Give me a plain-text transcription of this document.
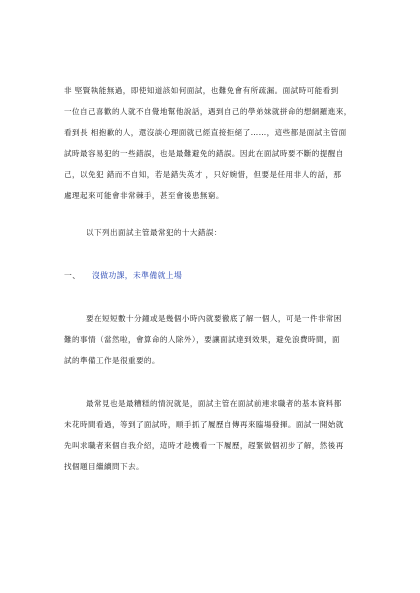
非 堅賢執能無過，即使知道該如何面試，也難免會有所疏漏。面試時可能看到
一位自己喜歡的人就不自覺地幫他說話，遇到自己的學弟妹就拼命的想網羅進來，
看到長 相抱歉的人，還沒談心理面就已經直接拒絕了……，這些都是面試主管面
試時最容易犯的一些錯誤，也是最難避免的錯誤。因此在面試時要不斷的提醒自
己，以免犯 錯而不自知，若是錯失英才 ，只好婉惜，但要是任用非人的話，那
處理起來可能會非常棘手，甚至會後患無窮。

以下列出面試主管最常犯的十大錯誤：

一、 沒做功課，未準備就上場

要在短短數十分鐘或是幾個小時內就要徹底了解一個人，可是一件非常困
難的事情（當然啦，會算命的人除外），要讓面試達到效果，避免浪費時間，面
試的準備工作是很重要的。

最常見也是最糟糕的情況就是，面試主管在面試前連求職者的基本資料都
未花時間看過，等到了面試時，順手抓了履歷自傳再來臨場發揮。面試一開始就
先叫求職者來個自我介紹，這時才趁機看一下履歷，趕緊做個初步了解，然後再
找個題目繼續問下去。
